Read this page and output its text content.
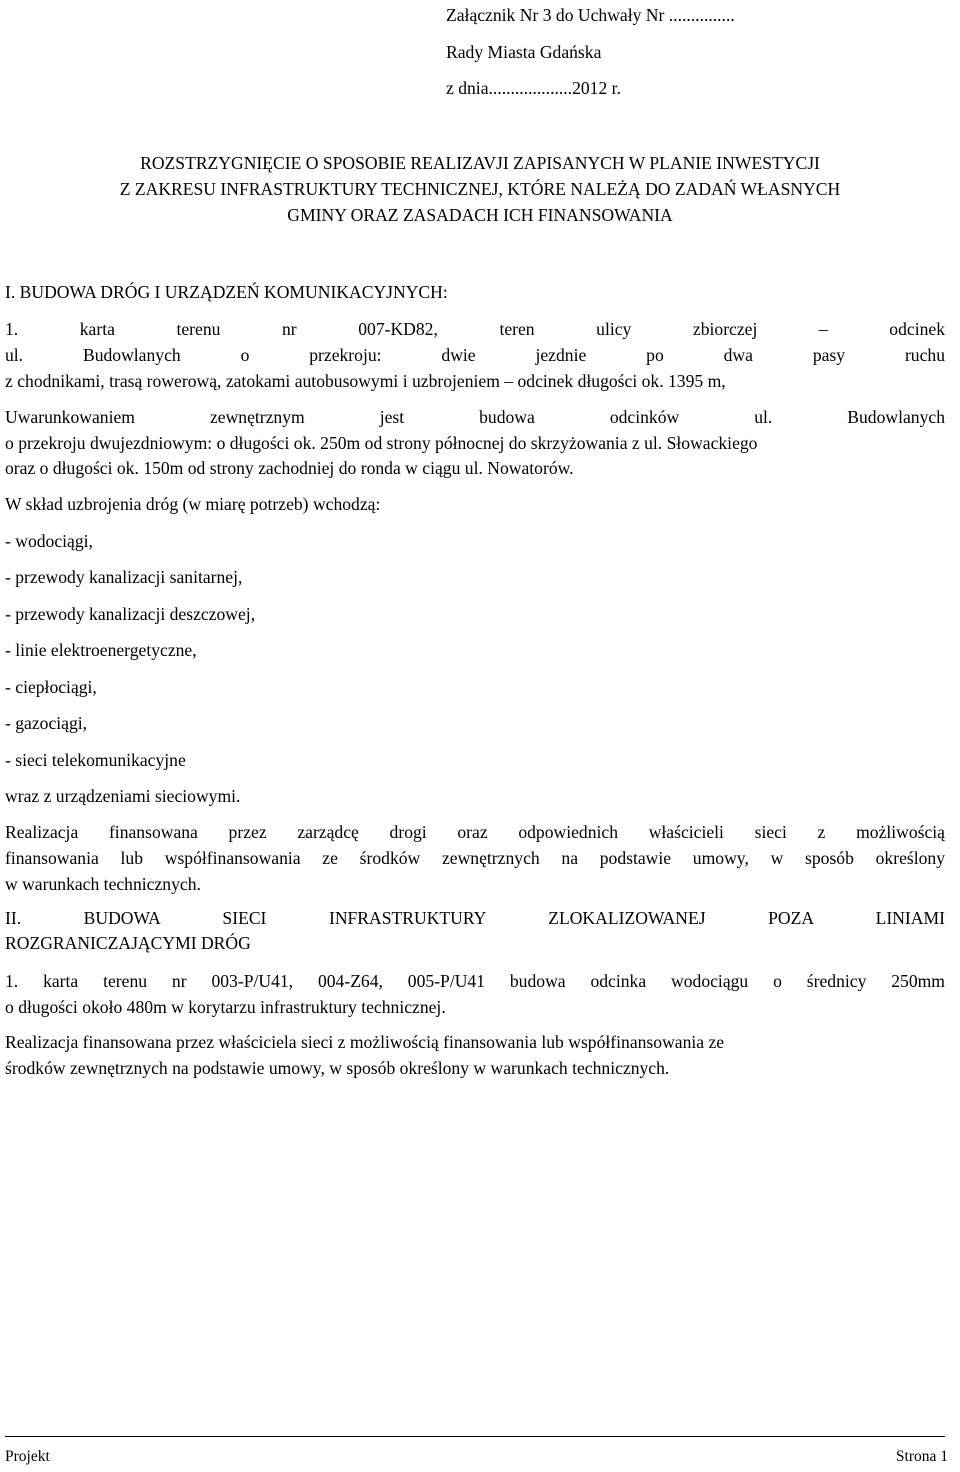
Załącznik Nr 3 do Uchwały Nr ...............
Rady Miasta Gdańska
z dnia...................2012 r.
ROZSTRZYGNIĘCIE O SPOSOBIE REALIZAVJI ZAPISANYCH W PLANIE INWESTYCJI
Z ZAKRESU INFRASTRUKTURY TECHNICZNEJ, KTÓRE NALEŻĄ DO ZADAŃ WŁASNYCH
GMINY ORAZ ZASADACH ICH FINANSOWANIA
I. BUDOWA DRÓG I URZĄDZEŃ KOMUNIKACYJNYCH:
1. karta terenu nr 007-KD82, teren ulicy zbiorczej – odcinek
ul. Budowlanych o przekroju: dwie jezdnie po dwa pasy ruchu
z chodnikami, trasą rowerową, zatokami autobusowymi i uzbrojeniem – odcinek długości ok. 1395 m,
Uwarunkowaniem zewnętrznym jest budowa odcinków ul. Budowlanych
o przekroju dwujezdniowym: o długości ok. 250m od strony północnej do skrzyżowania z ul. Słowackiego
oraz o długości ok. 150m od strony zachodniej do ronda w ciągu ul. Nowatorów.
W skład uzbrojenia dróg (w miarę potrzeb) wchodzą:
- wodociągi,
- przewody kanalizacji sanitarnej,
- przewody kanalizacji deszczowej,
- linie elektroenergetyczne,
- ciepłociągi,
- gazociągi,
- sieci telekomunikacyjne
wraz z urządzeniami sieciowymi.
Realizacja finansowana przez zarządcę drogi oraz odpowiednich właścicieli sieci z możliwością
finansowania lub współfinansowania ze środków zewnętrznych na podstawie umowy, w sposób określony
w warunkach technicznych.
II. BUDOWA SIECI INFRASTRUKTURY ZLOKALIZOWANEJ POZA LINIAMI
ROZGRANICZAJĄCYMI DRÓG
1. karta terenu nr 003-P/U41, 004-Z64, 005-P/U41 budowa odcinka wodociągu o średnicy 250mm
o długości około 480m w korytarzu infrastruktury technicznej.
Realizacja finansowana przez właściciela sieci z możliwością finansowania lub współfinansowania ze
środków zewnętrznych na podstawie umowy, w sposób określony w warunkach technicznych.
Projekt	Strona 1
